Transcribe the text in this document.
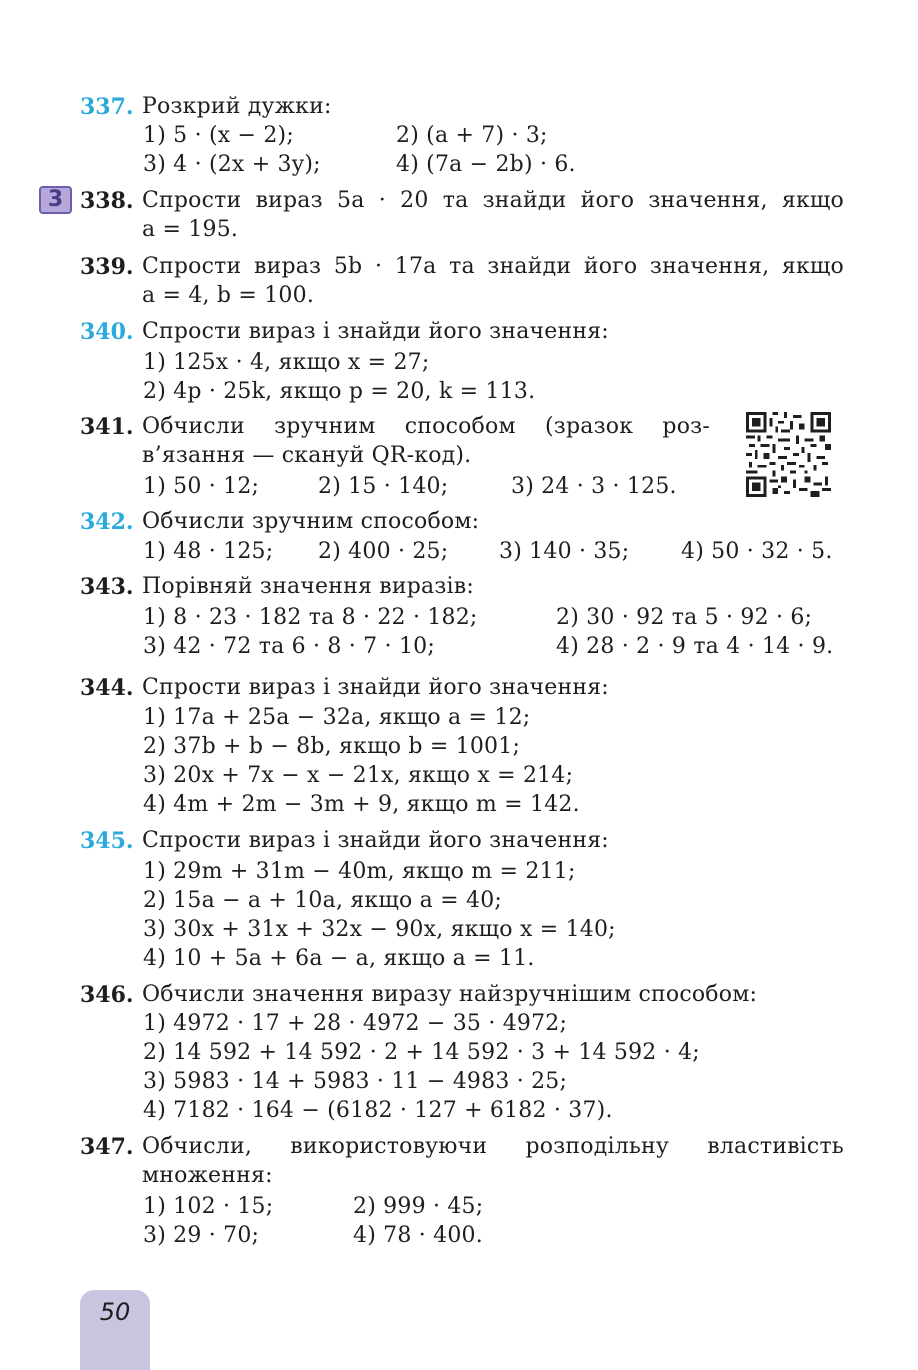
337. Розкрий дужки:
1) 5 · (x − 2);	2) (a + 7) · 3;
3) 4 · (2x + 3y);	4) (7a − 2b) · 6.
3 338. Спрости вираз 5a · 20 та знайди його значення, якщо
a = 195.
339. Спрости вираз 5b · 17a та знайди його значення, якщо
a = 4, b = 100.
340. Спрости вираз і знайди його значення:
1) 125x · 4, якщо x = 27;
2) 4p · 25k, якщо p = 20, k = 113.
341. Обчисли зручним способом (зразок роз-
в’язання — скануй QR-код).
1) 50 · 12;	2) 15 · 140;	3) 24 · 3 · 125.
342. Обчисли зручним способом:
1) 48 · 125; 2) 400 · 25; 3) 140 · 35; 4) 50 · 32 · 5.
343. Порівняй значення виразів:
1) 8 · 23 · 182 та 8 · 22 · 182;	2) 30 · 92 та 5 · 92 · 6;
3) 42 · 72 та 6 · 8 · 7 · 10;	4) 28 · 2 · 9 та 4 · 14 · 9.
344. Спрости вираз і знайди його значення:
1) 17a + 25a − 32a, якщо a = 12;
2) 37b + b − 8b, якщо b = 1001;
3) 20x + 7x − x − 21x, якщо x = 214;
4) 4m + 2m − 3m + 9, якщо m = 142.
345. Спрости вираз і знайди його значення:
1) 29m + 31m − 40m, якщо m = 211;
2) 15a − a + 10a, якщо a = 40;
3) 30x + 31x + 32x − 90x, якщо x = 140;
4) 10 + 5a + 6a − a, якщо a = 11.
346. Обчисли значення виразу найзручнішим способом:
1) 4972 · 17 + 28 · 4972 − 35 · 4972;
2) 14 592 + 14 592 · 2 + 14 592 · 3 + 14 592 · 4;
3) 5983 · 14 + 5983 · 11 − 4983 · 25;
4) 7182 · 164 − (6182 · 127 + 6182 · 37).
347. Обчисли, використовуючи розподільну властивість
множення:
1) 102 · 15;	2) 999 · 45;
3) 29 · 70;	4) 78 · 400.
50
